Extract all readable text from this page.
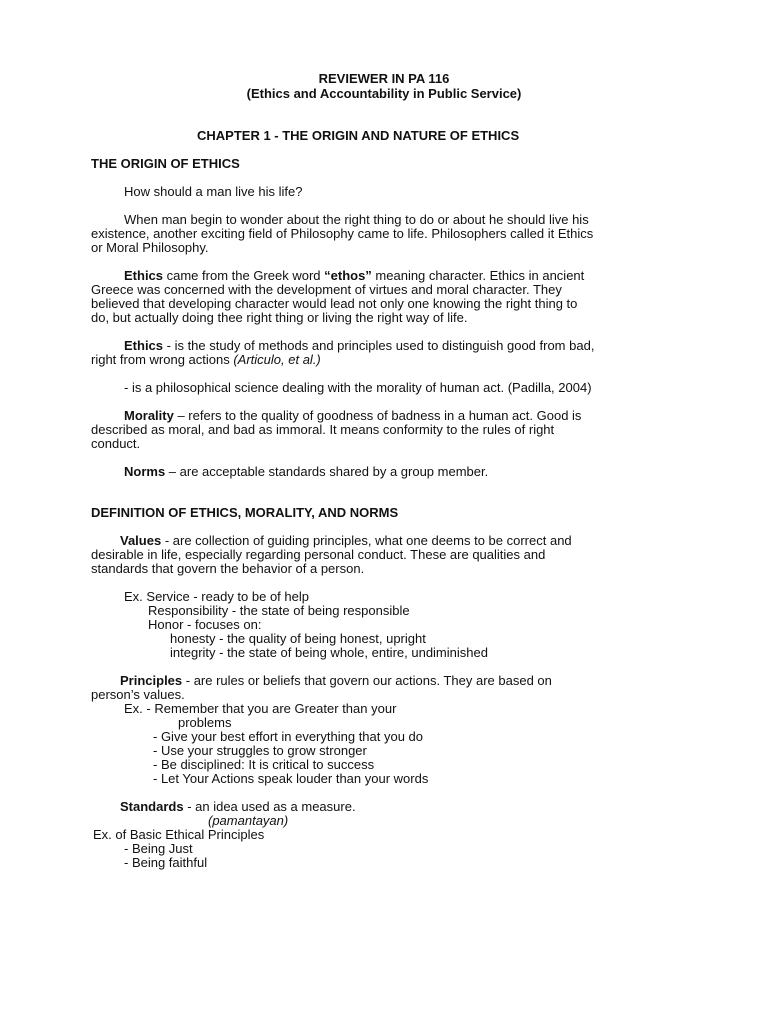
REVIEWER IN PA 116

(Ethics and Accountability in Public Service)

CHAPTER 1 - THE ORIGIN AND NATURE OF ETHICS

THE ORIGIN OF ETHICS

How should a man live his life?

When man begin to wonder about the right thing to do or about he should live his

existence, another exciting field of Philosophy came to life. Philosophers called it Ethics

or Moral Philosophy.

Ethics came from the Greek word “ethos” meaning character. Ethics in ancient

Greece was concerned with the development of virtues and moral character. They

believed that developing character would lead not only one knowing the right thing to

do, but actually doing thee right thing or living the right way of life.

Ethics - is the study of methods and principles used to distinguish good from bad,

right from wrong actions (Articulo, et al.)

- is a philosophical science dealing with the morality of human act. (Padilla, 2004)

Morality – refers to the quality of goodness of badness in a human act. Good is

described as moral, and bad as immoral. It means conformity to the rules of right

conduct.

Norms – are acceptable standards shared by a group member.

DEFINITION OF ETHICS, MORALITY, AND NORMS

Values - are collection of guiding principles, what one deems to be correct and

desirable in life, especially regarding personal conduct. These are qualities and

standards that govern the behavior of a person.

Ex. Service - ready to be of help

Responsibility - the state of being responsible

Honor - focuses on:

honesty - the quality of being honest, upright

integrity - the state of being whole, entire, undiminished

Principles - are rules or beliefs that govern our actions. They are based on

person’s values.

Ex. - Remember that you are Greater than your

problems

- Give your best effort in everything that you do

- Use your struggles to grow stronger

- Be disciplined: It is critical to success

- Let Your Actions speak louder than your words

Standards - an idea used as a measure.

(pamantayan)

Ex. of Basic Ethical Principles

- Being Just

- Being faithful
